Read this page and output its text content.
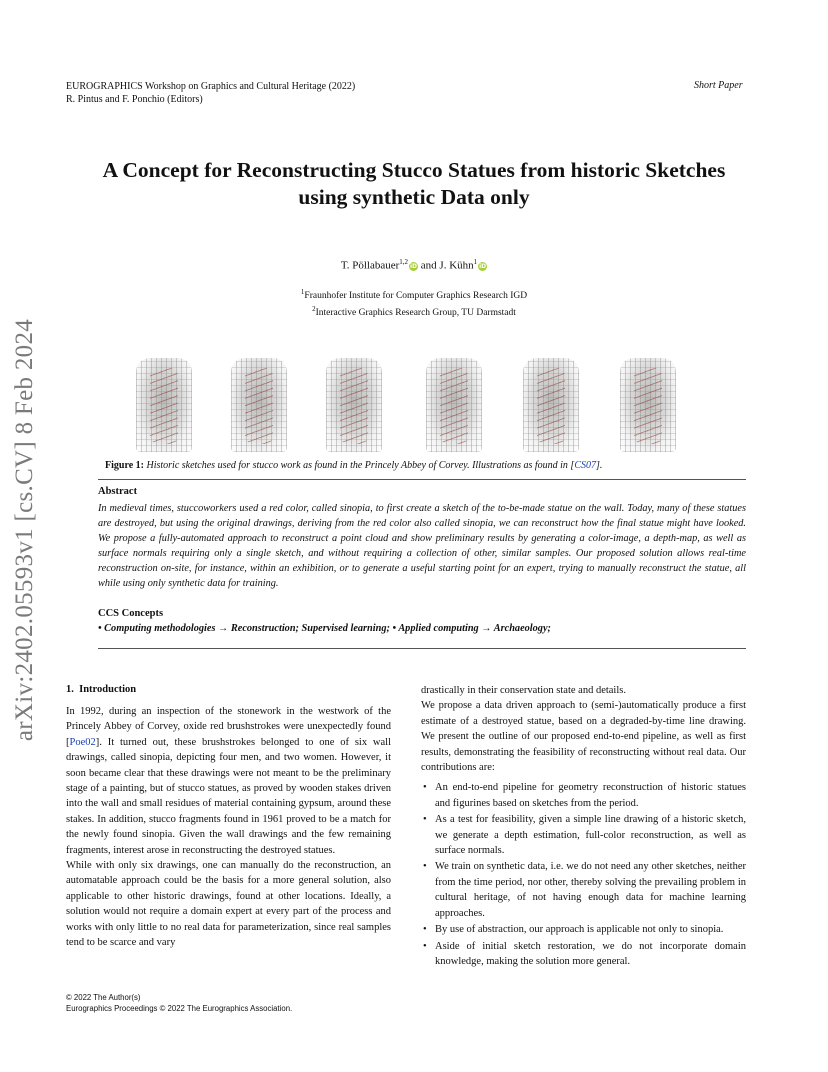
EUROGRAPHICS Workshop on Graphics and Cultural Heritage (2022)
R. Pintus and F. Ponchio (Editors)
Short Paper
arXiv:2402.05593v1 [cs.CV] 8 Feb 2024
A Concept for Reconstructing Stucco Statues from historic Sketches
using synthetic Data only
T. Pöllabauer$^{1,2}$iD and J. Kühn$^1$iD
$^1$Fraunhofer Institute for Computer Graphics Research IGD
$^2$Interactive Graphics Research Group, TU Darmstadt
Figure 1: Historic sketches used for stucco work as found in the Princely Abbey of Corvey. Illustrations as found in [CS07].
Abstract
In medieval times, stuccoworkers used a red color, called sinopia, to first create a sketch of the to-be-made statue on the wall. Today, many of these statues are destroyed, but using the original drawings, deriving from the red color also called sinopia, we can reconstruct how the final statue might have looked. We propose a fully-automated approach to reconstruct a point cloud and show preliminary results by generating a color-image, a depth-map, as well as surface normals requiring only a single sketch, and without requiring a collection of other, similar samples. Our proposed solution allows real-time reconstruction on-site, for instance, within an exhibition, or to generate a useful starting point for an expert, trying to manually reconstruct the statue, all while using only synthetic data for training.
CCS Concepts
• Computing methodologies → Reconstruction; Supervised learning; • Applied computing → Archaeology;
1.  Introduction

In 1992, during an inspection of the stonework in the westwork of the Princely Abbey of Corvey, oxide red brushstrokes were unexpectedly found [Poe02]. It turned out, these brushstrokes belonged to one of six wall drawings, called sinopia, depicting four men, and two women. However, it soon became clear that these drawings were not meant to be the preliminary stage of a painting, but of stucco statues, as proved by wooden stakes driven into the wall and small residues of material containing gypsum, around these stakes. In addition, stucco fragments found in 1961 proved to be a match for the newly found sinopia. Given the wall drawings and the few remaining fragments, interest arose in reconstructing the destroyed statues.

While with only six drawings, one can manually do the reconstruction, an automatable approach could be the basis for a more general solution, also applicable to other historic drawings, found at other locations. Ideally, a solution would not require a domain expert at every part of the process and works with only little to no real data for parameterization, since real samples tend to be scarce and vary

drastically in their conservation state and details.

We propose a data driven approach to (semi-)automatically produce a first estimate of a destroyed statue, based on a degraded-by-time line drawing. We present the outline of our proposed end-to-end pipeline, as well as first results, demonstrating the feasibility of reconstructing without real data. Our contributions are:

• An end-to-end pipeline for geometry reconstruction of historic statues and figurines based on sketches from the period.
• As a test for feasibility, given a simple line drawing of a historic sketch, we generate a depth estimation, full-color reconstruction, as well as surface normals.
• We train on synthetic data, i.e. we do not need any other sketches, neither from the time period, nor other, thereby solving the prevailing problem in cultural heritage, of not having enough data for machine learning approaches.
• By use of abstraction, our approach is applicable not only to sinopia.
• Aside of initial sketch restoration, we do not incorporate domain knowledge, making the solution more general.
© 2022 The Author(s)
Eurographics Proceedings © 2022 The Eurographics Association.
